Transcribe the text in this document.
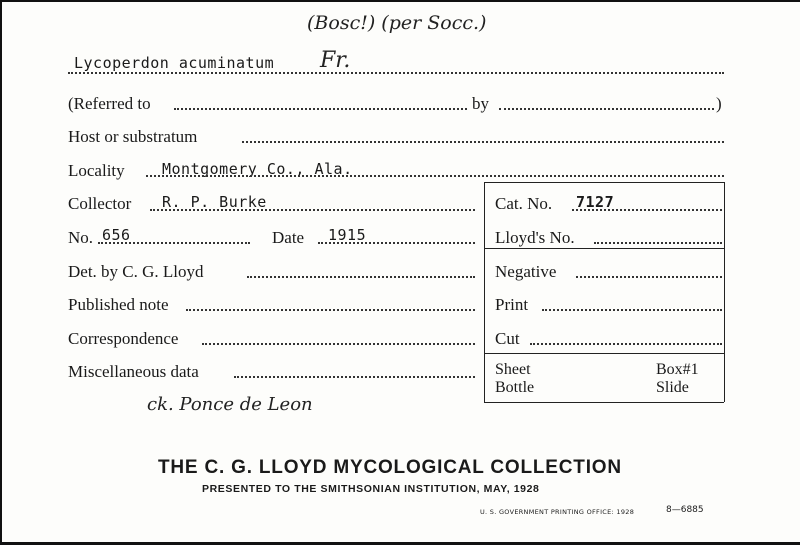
(Bosc!) (per Socc.)
Lycoperdon acuminatum Fr.
(Referred to	by	)
Host or substratum
Locality Montgomery Co., Ala.
Collector R. P. Burke	Cat. No. 7127
No. 656	Date 1915	Lloyd's No.
Det. by C. G. Lloyd	Negative
Published note	Print
Correspondence	Cut
Miscellaneous data
ck. Ponce de Leon
Sheet	Box#1
Bottle	Slide
THE C. G. LLOYD MYCOLOGICAL COLLECTION
PRESENTED TO THE SMITHSONIAN INSTITUTION, MAY, 1928
U. S. GOVERNMENT PRINTING OFFICE: 1928	8—6885
